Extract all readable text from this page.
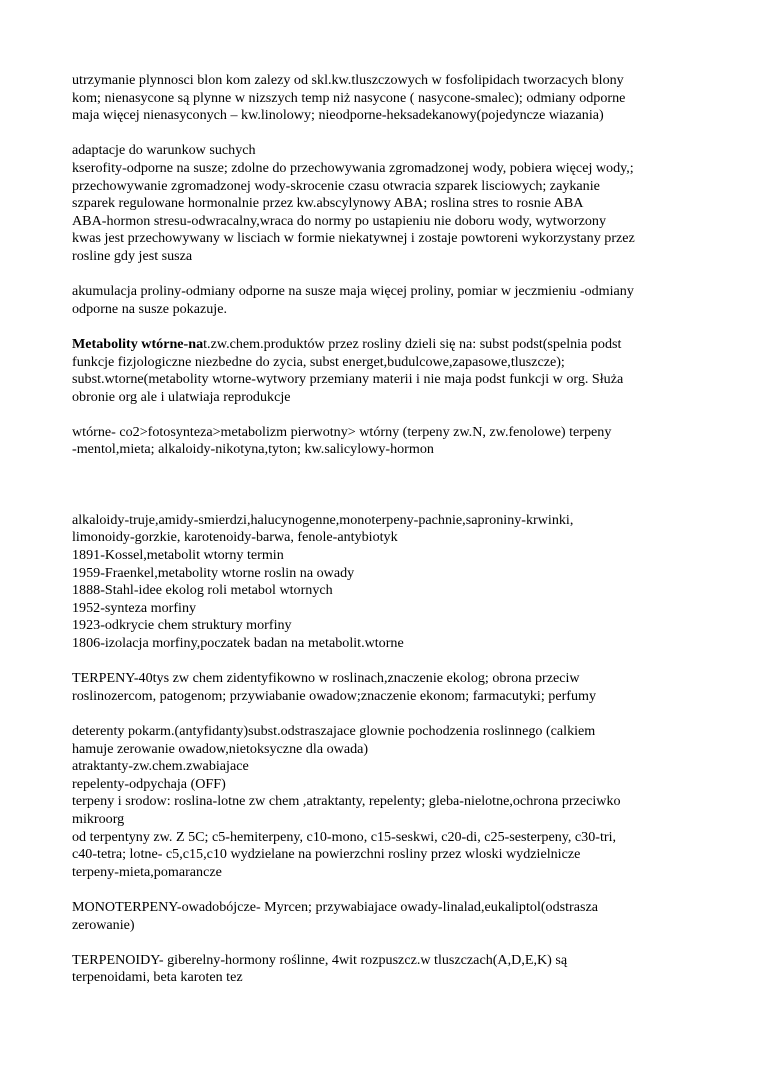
utrzymanie plynnosci blon kom zalezy od skl.kw.tluszczowych w fosfolipidach tworzacych blony
kom; nienasycone są plynne w nizszych temp niż nasycone ( nasycone-smalec); odmiany odporne
maja więcej nienasyconych – kw.linolowy; nieodporne-heksadekanowy(pojedyncze wiazania)

adaptacje do warunkow suchych
kserofity-odporne na susze; zdolne do przechowywania zgromadzonej wody, pobiera więcej wody,;
przechowywanie zgromadzonej wody-skrocenie czasu otwracia szparek lisciowych; zaykanie
szparek regulowane hormonalnie przez kw.abscylynowy ABA; roslina stres to rosnie ABA
ABA-hormon stresu-odwracalny,wraca do normy po ustapieniu nie doboru wody, wytworzony
kwas jest przechowywany w lisciach w formie niekatywnej i zostaje powtoreni wykorzystany przez
rosline gdy jest susza

akumulacja proliny-odmiany odporne na susze maja więcej proliny, pomiar w jeczmieniu -odmiany
odporne na susze pokazuje.

Metabolity wtórne-nat.zw.chem.produktów przez rosliny dzieli się na: subst podst(spelnia podst
funkcje fizjologiczne niezbedne do zycia, subst energet,budulcowe,zapasowe,tluszcze);
subst.wtorne(metabolity wtorne-wytwory przemiany materii i nie maja podst funkcji w org. Służa
obronie org ale i ulatwiaja reprodukcje

wtórne- co2>fotosynteza>metabolizm pierwotny> wtórny (terpeny zw.N, zw.fenolowe) terpeny
-mentol,mieta; alkaloidy-nikotyna,tyton; kw.salicylowy-hormon

alkaloidy-truje,amidy-smierdzi,halucynogenne,monoterpeny-pachnie,saproniny-krwinki,
limonoidy-gorzkie, karotenoidy-barwa, fenole-antybiotyk
1891-Kossel,metabolit wtorny termin
1959-Fraenkel,metabolity wtorne roslin na owady
1888-Stahl-idee ekolog roli metabol wtornych
1952-synteza morfiny
1923-odkrycie chem struktury morfiny
1806-izolacja morfiny,poczatek badan na metabolit.wtorne

TERPENY-40tys zw chem zidentyfikowno w roslinach,znaczenie ekolog; obrona przeciw
roslinozercom, patogenom; przywiabanie owadow;znaczenie ekonom; farmacutyki; perfumy

deterenty pokarm.(antyfidanty)subst.odstraszajace glownie pochodzenia roslinnego (calkiem
hamuje zerowanie owadow,nietoksyczne dla owada)
atraktanty-zw.chem.zwabiajace
repelenty-odpychaja (OFF)
terpeny i srodow: roslina-lotne zw chem ,atraktanty, repelenty; gleba-nielotne,ochrona przeciwko
mikroorg
od terpentyny zw. Z 5C; c5-hemiterpeny, c10-mono, c15-seskwi, c20-di, c25-sesterpeny, c30-tri,
c40-tetra; lotne- c5,c15,c10 wydzielane na powierzchni rosliny przez wloski wydzielnicze
terpeny-mieta,pomarancze

MONOTERPENY-owadobójcze- Myrcen; przywabiajace owady-linalad,eukaliptol(odstrasza
zerowanie)

TERPENOIDY- giberelny-hormony roślinne, 4wit rozpuszcz.w tluszczach(A,D,E,K) są
terpenoidami, beta karoten tez
